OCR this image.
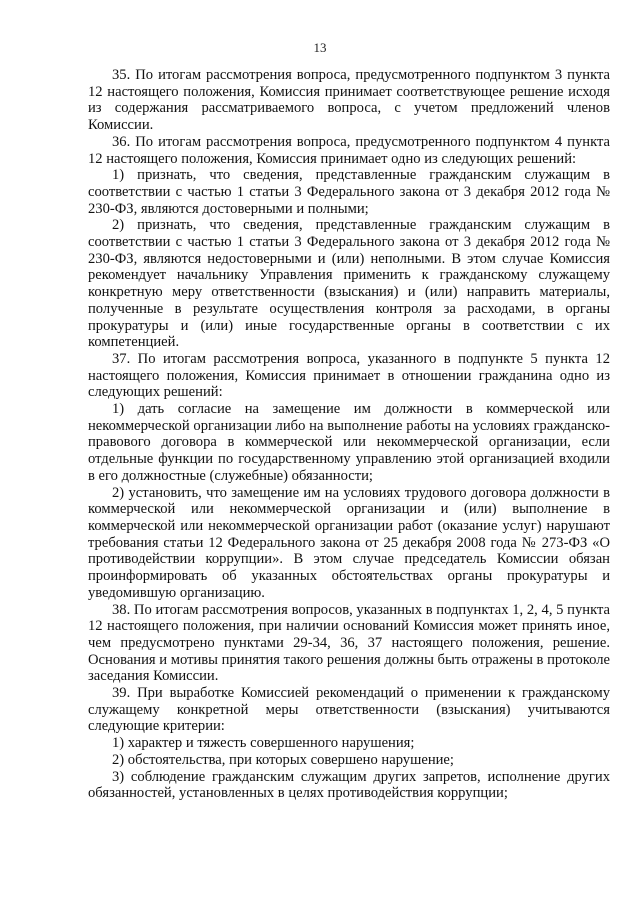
13

35. По итогам рассмотрения вопроса, предусмотренного подпунктом 3 пункта 12 настоящего положения, Комиссия принимает соответствующее решение исходя из содержания рассматриваемого вопроса, с учетом предложений членов Комиссии.

36. По итогам рассмотрения вопроса, предусмотренного подпунктом 4 пункта 12 настоящего положения, Комиссия принимает одно из следующих решений:

1) признать, что сведения, представленные гражданским служащим в соответствии с частью 1 статьи 3 Федерального закона от 3 декабря 2012 года № 230-ФЗ, являются достоверными и полными;

2) признать, что сведения, представленные гражданским служащим в соответствии с частью 1 статьи 3 Федерального закона от 3 декабря 2012 года № 230-ФЗ, являются недостоверными и (или) неполными. В этом случае Комиссия рекомендует начальнику Управления применить к гражданскому служащему конкретную меру ответственности (взыскания) и (или) направить материалы, полученные в результате осуществления контроля за расходами, в органы прокуратуры и (или) иные государственные органы в соответствии с их компетенцией.

37. По итогам рассмотрения вопроса, указанного в подпункте 5 пункта 12 настоящего положения, Комиссия принимает в отношении гражданина одно из следующих решений:

1) дать согласие на замещение им должности в коммерческой или некоммерческой организации либо на выполнение работы на условиях гражданско-правового договора в коммерческой или некоммерческой организации, если отдельные функции по государственному управлению этой организацией входили в его должностные (служебные) обязанности;

2) установить, что замещение им на условиях трудового договора должности в коммерческой или некоммерческой организации и (или) выполнение в коммерческой или некоммерческой организации работ (оказание услуг) нарушают требования статьи 12 Федерального закона от 25 декабря 2008 года № 273-ФЗ «О противодействии коррупции». В этом случае председатель Комиссии обязан проинформировать об указанных обстоятельствах органы прокуратуры и уведомившую организацию.

38. По итогам рассмотрения вопросов, указанных в подпунктах 1, 2, 4, 5 пункта 12 настоящего положения, при наличии оснований Комиссия может принять иное, чем предусмотрено пунктами 29-34, 36, 37 настоящего положения, решение. Основания и мотивы принятия такого решения должны быть отражены в протоколе заседания Комиссии.

39. При выработке Комиссией рекомендаций о применении к гражданскому служащему конкретной меры ответственности (взыскания) учитываются следующие критерии:

1) характер и тяжесть совершенного нарушения;

2) обстоятельства, при которых совершено нарушение;

3) соблюдение гражданским служащим других запретов, исполнение других обязанностей, установленных в целях противодействия коррупции;
